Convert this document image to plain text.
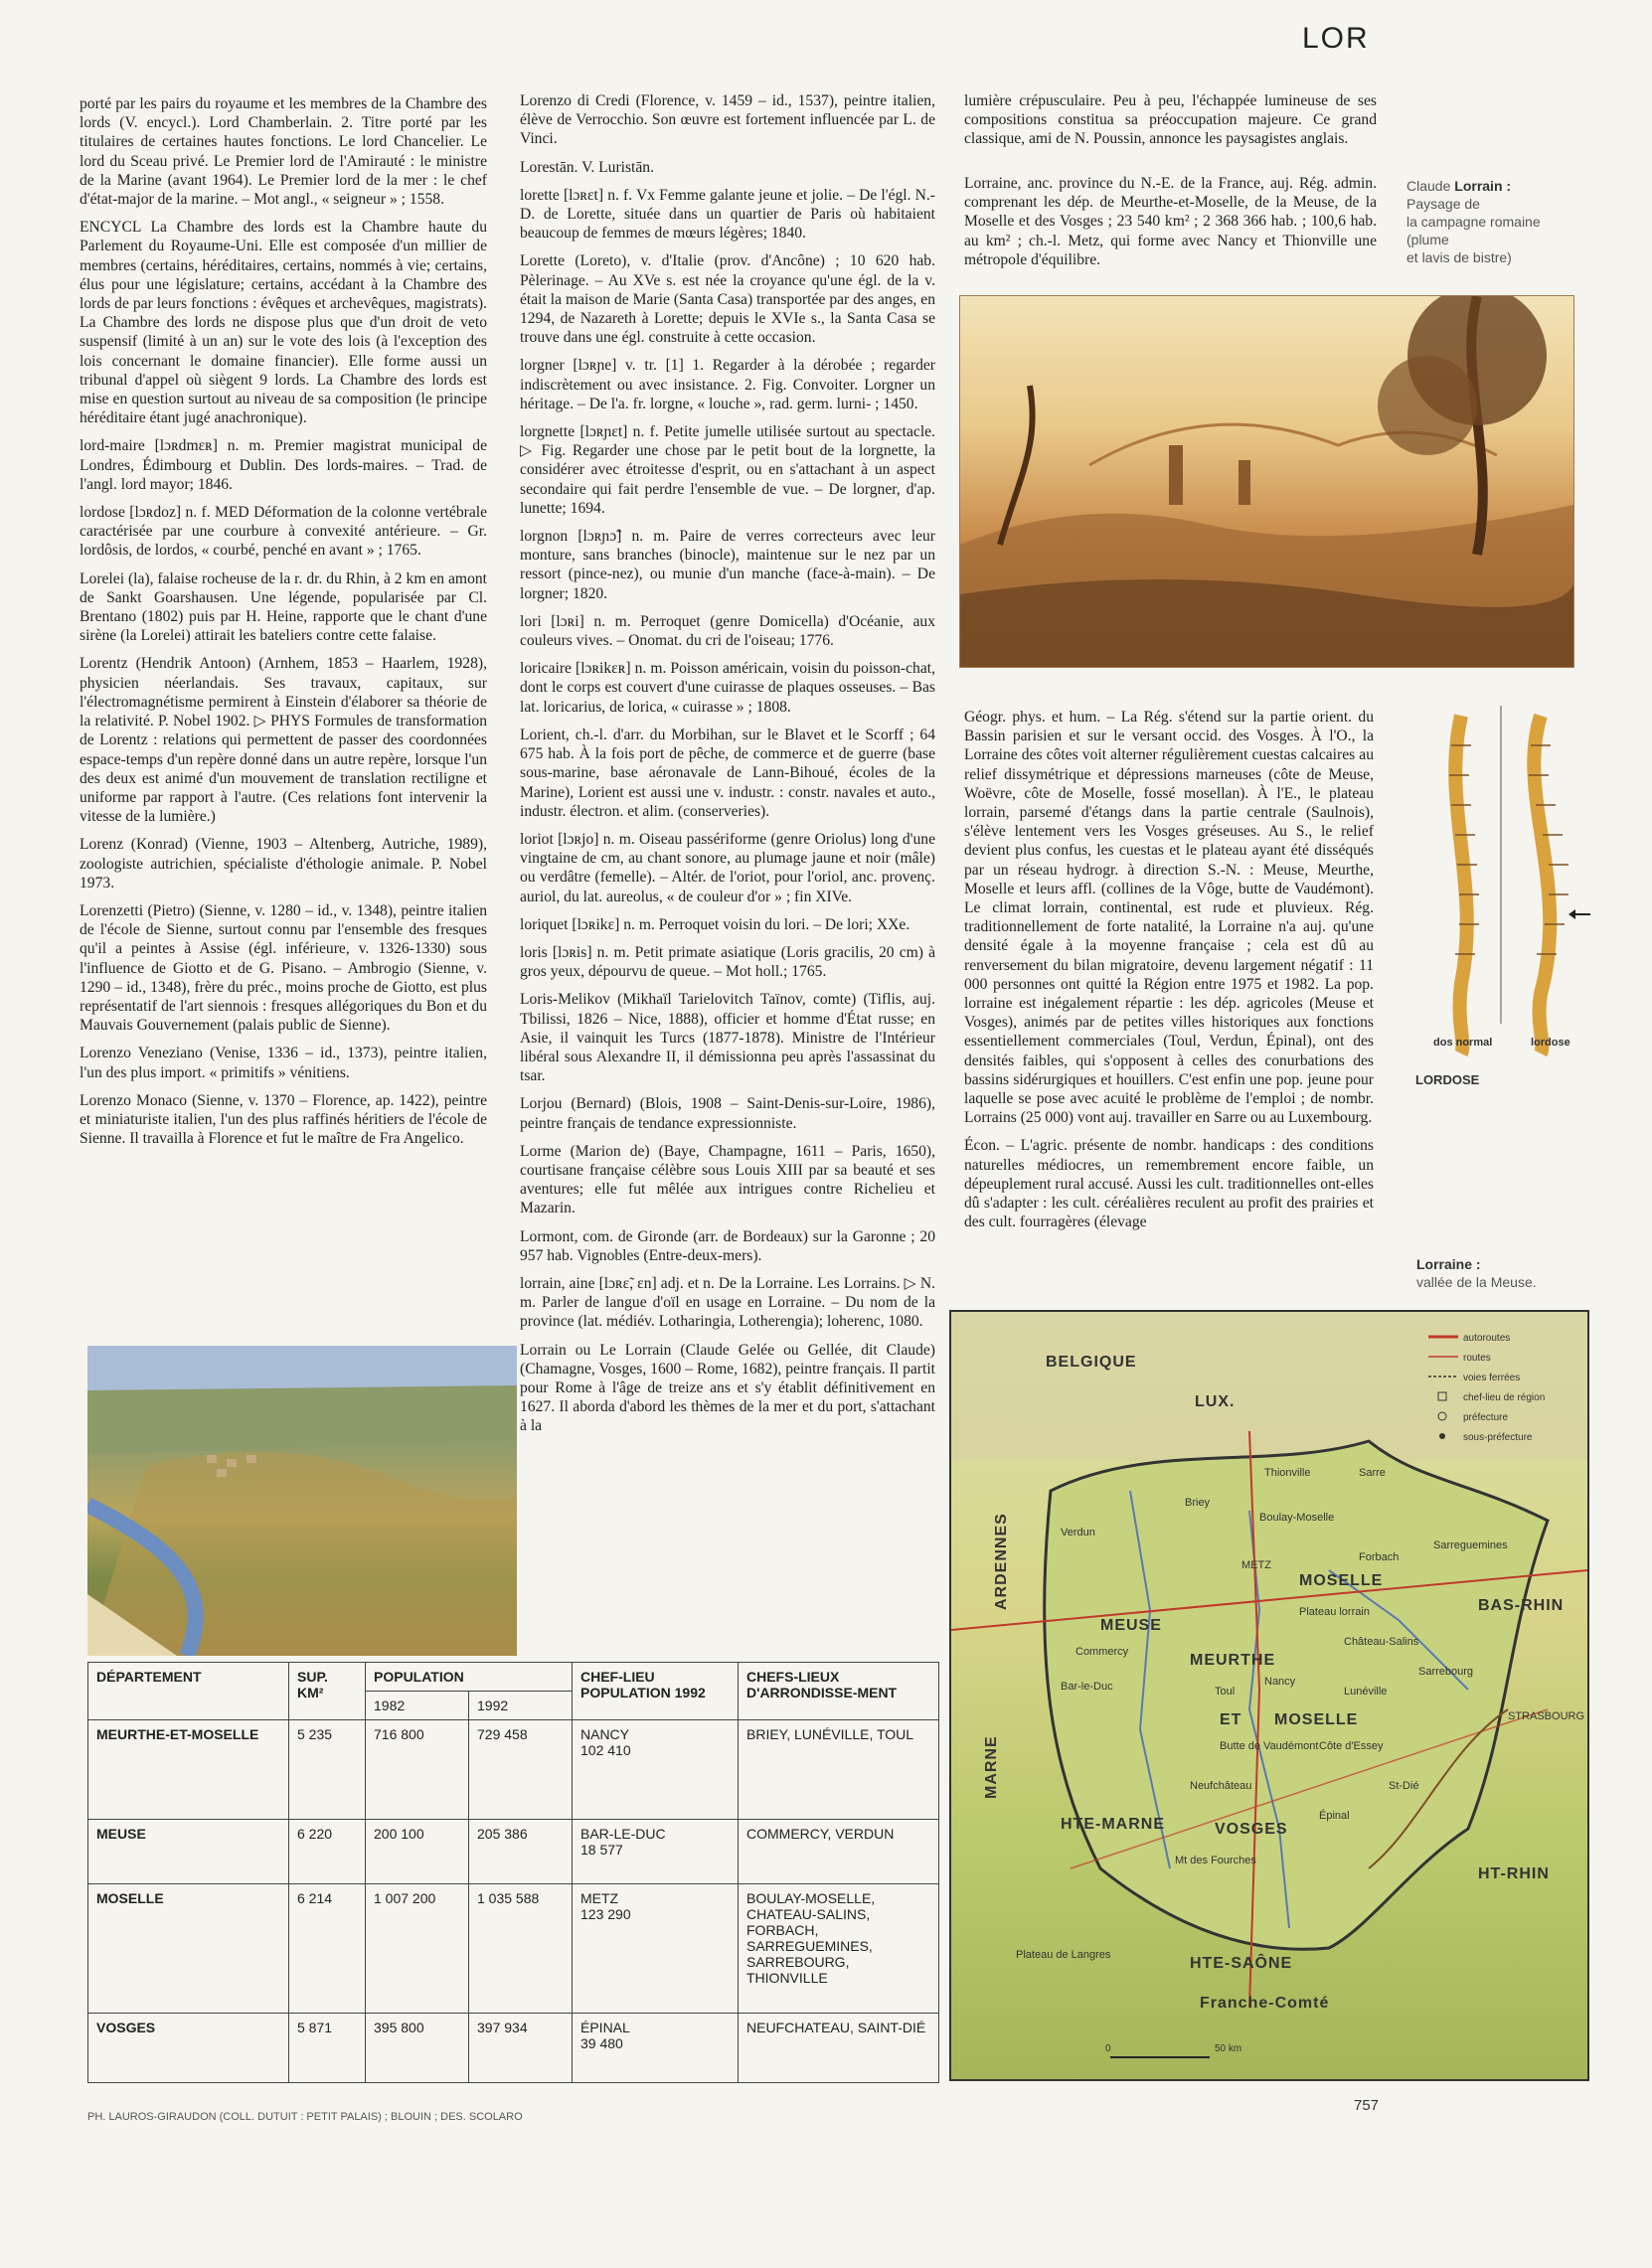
LOR

porté par les pairs du royaume et les membres de la Chambre des lords (V. encycl.). Lord Chamberlain. 2. Titre porté par les titulaires de certaines hautes fonctions. Le lord Chancelier. Le lord du Sceau privé. Le Premier lord de l'Amirauté : le ministre de la Marine (avant 1964). Le Premier lord de la mer : le chef d'état-major de la marine. – Mot angl., « seigneur » ; 1558.

ENCYCL La Chambre des lords est la Chambre haute du Parlement du Royaume-Uni. Elle est composée d'un millier de membres (certains, héréditaires, certains, nommés à vie; certains, élus pour une législature; certains, accédant à la Chambre des lords de par leurs fonctions : évêques et archevêques, magistrats). La Chambre des lords ne dispose plus que d'un droit de veto suspensif (limité à un an) sur le vote des lois (à l'exception des lois concernant le domaine financier). Elle forme aussi un tribunal d'appel où siègent 9 lords. La Chambre des lords est mise en question surtout au niveau de sa composition (le principe héréditaire étant jugé anachronique).

lord-maire [lɔʀdmɛʀ] n. m. Premier magistrat municipal de Londres, Édimbourg et Dublin. Des lords-maires. – Trad. de l'angl. lord mayor; 1846.

lordose [lɔʀdoz] n. f. MED Déformation de la colonne vertébrale caractérisée par une courbure à convexité antérieure. – Gr. lordôsis, de lordos, « courbé, penché en avant » ; 1765.

Lorelei (la), falaise rocheuse de la r. dr. du Rhin, à 2 km en amont de Sankt Goarshausen. Une légende, popularisée par Cl. Brentano (1802) puis par H. Heine, rapporte que le chant d'une sirène (la Lorelei) attirait les bateliers contre cette falaise.

Lorentz (Hendrik Antoon) (Arnhem, 1853 – Haarlem, 1928), physicien néerlandais. Ses travaux, capitaux, sur l'électromagnétisme permirent à Einstein d'élaborer sa théorie de la relativité. P. Nobel 1902. ▷ PHYS Formules de transformation de Lorentz : relations qui permettent de passer des coordonnées espace-temps d'un repère donné dans un autre repère, lorsque l'un des deux est animé d'un mouvement de translation rectiligne et uniforme par rapport à l'autre. (Ces relations font intervenir la vitesse de la lumière.)

Lorenz (Konrad) (Vienne, 1903 – Altenberg, Autriche, 1989), zoologiste autrichien, spécialiste d'éthologie animale. P. Nobel 1973.

Lorenzetti (Pietro) (Sienne, v. 1280 – id., v. 1348), peintre italien de l'école de Sienne, surtout connu par l'ensemble des fresques qu'il a peintes à Assise (égl. inférieure, v. 1326-1330) sous l'influence de Giotto et de G. Pisano. – Ambrogio (Sienne, v. 1290 – id., 1348), frère du préc., moins proche de Giotto, est plus représentatif de l'art siennois : fresques allégoriques du Bon et du Mauvais Gouvernement (palais public de Sienne).

Lorenzo Veneziano (Venise, 1336 – id., 1373), peintre italien, l'un des plus import. « primitifs » vénitiens.

Lorenzo Monaco (Sienne, v. 1370 – Florence, ap. 1422), peintre et miniaturiste italien, l'un des plus raffinés héritiers de l'école de Sienne. Il travailla à Florence et fut le maître de Fra Angelico.

Lorenzo di Credi (Florence, v. 1459 – id., 1537), peintre italien, élève de Verrocchio. Son œuvre est fortement influencée par L. de Vinci.

Lorestān. V. Luristān.

lorette [lɔʀɛt] n. f. Vx Femme galante jeune et jolie. – De l'égl. N.-D. de Lorette, située dans un quartier de Paris où habitaient beaucoup de femmes de mœurs légères; 1840.

Lorette (Loreto), v. d'Italie (prov. d'Ancône) ; 10 620 hab. Pèlerinage. – Au XVe s. est née la croyance qu'une égl. de la v. était la maison de Marie (Santa Casa) transportée par des anges, en 1294, de Nazareth à Lorette; depuis le XVIe s., la Santa Casa se trouve dans une égl. construite à cette occasion.

lorgner [lɔʀɲe] v. tr. [1] 1. Regarder à la dérobée ; regarder indiscrètement ou avec insistance. 2. Fig. Convoiter. Lorgner un héritage. – De l'a. fr. lorgne, « louche », rad. germ. lurni- ; 1450.

lorgnette [lɔʀɲɛt] n. f. Petite jumelle utilisée surtout au spectacle. ▷ Fig. Regarder une chose par le petit bout de la lorgnette, la considérer avec étroitesse d'esprit, ou en s'attachant à un aspect secondaire qui fait perdre l'ensemble de vue. – De lorgner, d'ap. lunette; 1694.

lorgnon [lɔʀɲɔ̃] n. m. Paire de verres correcteurs avec leur monture, sans branches (binocle), maintenue sur le nez par un ressort (pince-nez), ou munie d'un manche (face-à-main). – De lorgner; 1820.

lori [lɔʀi] n. m. Perroquet (genre Domicella) d'Océanie, aux couleurs vives. – Onomat. du cri de l'oiseau; 1776.

loricaire [lɔʀikɛʀ] n. m. Poisson américain, voisin du poisson-chat, dont le corps est couvert d'une cuirasse de plaques osseuses. – Bas lat. loricarius, de lorica, « cuirasse » ; 1808.

Lorient, ch.-l. d'arr. du Morbihan, sur le Blavet et le Scorff ; 64 675 hab. À la fois port de pêche, de commerce et de guerre (base sous-marine, base aéronavale de Lann-Bihoué, écoles de la Marine), Lorient est aussi une v. industr. : constr. navales et auto., industr. électron. et alim. (conserveries).

loriot [lɔʀjo] n. m. Oiseau passériforme (genre Oriolus) long d'une vingtaine de cm, au chant sonore, au plumage jaune et noir (mâle) ou verdâtre (femelle). – Altér. de l'oriot, pour l'oriol, anc. provenç. auriol, du lat. aureolus, « de couleur d'or » ; fin XIVe.

loriquet [lɔʀikɛ] n. m. Perroquet voisin du lori. – De lori; XXe.

loris [lɔʀis] n. m. Petit primate asiatique (Loris gracilis, 20 cm) à gros yeux, dépourvu de queue. – Mot holl.; 1765.

Loris-Melikov (Mikhaïl Tarielovitch Taïnov, comte) (Tiflis, auj. Tbilissi, 1826 – Nice, 1888), officier et homme d'État russe; en Asie, il vainquit les Turcs (1877-1878). Ministre de l'Intérieur libéral sous Alexandre II, il démissionna peu après l'assassinat du tsar.

Lorjou (Bernard) (Blois, 1908 – Saint-Denis-sur-Loire, 1986), peintre français de tendance expressionniste.

Lorme (Marion de) (Baye, Champagne, 1611 – Paris, 1650), courtisane française célèbre sous Louis XIII par sa beauté et ses aventures; elle fut mêlée aux intrigues contre Richelieu et Mazarin.

Lormont, com. de Gironde (arr. de Bordeaux) sur la Garonne ; 20 957 hab. Vignobles (Entre-deux-mers).

lorrain, aine [lɔʀɛ̃, ɛn] adj. et n. De la Lorraine. Les Lorrains. ▷ N. m. Parler de langue d'oïl en usage en Lorraine. – Du nom de la province (lat. médiév. Lotharingia, Lotherengia); loherenc, 1080.

Lorrain ou Le Lorrain (Claude Gelée ou Gellée, dit Claude) (Chamagne, Vosges, 1600 – Rome, 1682), peintre français. Il partit pour Rome à l'âge de treize ans et s'y établit définitivement en 1627. Il aborda d'abord les thèmes de la mer et du port, s'attachant à la

lumière crépusculaire. Peu à peu, l'échappée lumineuse de ses compositions constitua sa préoccupation majeure. Ce grand classique, ami de N. Poussin, annonce les paysagistes anglais.

Lorraine, anc. province du N.-E. de la France, auj. Rég. admin. comprenant les dép. de Meurthe-et-Moselle, de la Meuse, de la Moselle et des Vosges ; 23 540 km² ; 2 368 366 hab. ; 100,6 hab. au km² ; ch.-l. Metz, qui forme avec Nancy et Thionville une métropole d'équilibre.

Claude Lorrain :
Paysage de
la campagne romaine
(plume
et lavis de bistre)

Géogr. phys. et hum. – La Rég. s'étend sur la partie orient. du Bassin parisien et sur le versant occid. des Vosges. À l'O., la Lorraine des côtes voit alterner régulièrement cuestas calcaires au relief dissymétrique et dépressions marneuses (côte de Meuse, Woëvre, côte de Moselle, fossé mosellan). À l'E., le plateau lorrain, parsemé d'étangs dans la partie centrale (Saulnois), s'élève lentement vers les Vosges gréseuses. Au S., le relief devient plus confus, les cuestas et le plateau ayant été disséqués par un réseau hydrogr. à direction S.-N. : Meuse, Meurthe, Moselle et leurs affl. (collines de la Vôge, butte de Vaudémont). Le climat lorrain, continental, est rude et pluvieux. Rég. traditionnellement de forte natalité, la Lorraine n'a auj. qu'une densité égale à la moyenne française ; cela est dû au renversement du bilan migratoire, devenu largement négatif : 11 000 personnes ont quitté la Région entre 1975 et 1982. La pop. lorraine est inégalement répartie : les dép. agricoles (Meuse et Vosges), animés par de petites villes historiques aux fonctions essentiellement commerciales (Toul, Verdun, Épinal), ont des densités faibles, qui s'opposent à celles des conurbations des bassins sidérurgiques et houillers. C'est enfin une pop. jeune pour laquelle se pose avec acuité le problème de l'emploi ; de nombr. Lorrains (25 000) vont auj. travailler en Sarre ou au Luxembourg.

Écon. – L'agric. présente de nombr. handicaps : des conditions naturelles médiocres, un remembrement encore faible, un dépeuplement rural accusé. Aussi les cult. traditionnelles ont-elles dû s'adapter : les cult. céréalières reculent au profit des prairies et des cult. fourragères (élevage

dos normal	lordose
LORDOSE
Lorraine :
vallée de la Meuse.
BELGIQUE
LUX.
ARDENNES
MARNE
MEUSE
MOSELLE
MEURTHE
ET MOSELLE
BAS-RHIN
HTE-MARNE	VOSGES
HT-RHIN
HTE-SAÔNE
Franche-Comté
Thionville	Sarre
Briey
Boulay-Moselle
Verdun
METZ
Forbach
Sarreguemines
Plateau lorrain
Château-Salins
Commercy
Nancy
Lunéville
Sarrebourg
Bar-le-Duc	Toul
STRASBOURG
Butte de Vaudémont Côte d'Essey
Neufchâteau	St-Dié
Épinal
Mt des Fourches
Plateau de Langres
autoroutes
routes
voies ferrées
chef-lieu de région
préfecture
sous-préfecture
0	50 km
DÉPARTEMENT	SUP. KM²	POPULATION		CHEF-LIEU POPULATION 1992	CHEFS-LIEUX D'ARRONDISSE-MENT
		1982	1992		
MEURTHE-ET-MOSELLE	5 235	716 800	729 458	NANCY
102 410	BRIEY, LUNÉVILLE, TOUL
MEUSE	6 220	200 100	205 386	BAR-LE-DUC
18 577	COMMERCY, VERDUN
MOSELLE	6 214	1 007 200	1 035 588	METZ
123 290	BOULAY-MOSELLE, CHATEAU-SALINS, FORBACH, SARREGUEMINES, SARREBOURG, THIONVILLE
VOSGES	5 871	395 800	397 934	ÉPINAL
39 480	NEUFCHATEAU, SAINT-DIÉ
PH. LAUROS-GIRAUDON (COLL. DUTUIT : PETIT PALAIS) ; BLOUIN ; DES. SCOLARO
757
